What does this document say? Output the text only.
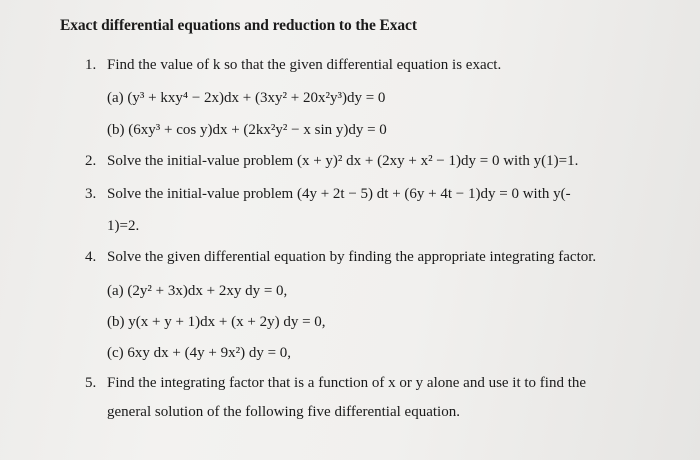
Exact differential equations and reduction to the Exact
1. Find the value of k so that the given differential equation is exact.
(a) (y³ + kxy⁴ − 2x)dx + (3xy² + 20x²y³)dy = 0
(b) (6xy³ + cos y)dx + (2kx²y² − x sin y)dy = 0
2. Solve the initial-value problem (x + y)² dx + (2xy + x² − 1)dy = 0 with y(1)=1.
3. Solve the initial-value problem (4y + 2t − 5) dt + (6y + 4t − 1)dy = 0 with y(-
1)=2.
4. Solve the given differential equation by finding the appropriate integrating factor.
(a) (2y² + 3x)dx + 2xy dy = 0,
(b) y(x + y + 1)dx + (x + 2y) dy = 0,
(c) 6xy dx + (4y + 9x²) dy = 0,
5. Find the integrating factor that is a function of x or y alone and use it to find the
general solution of the following five differential equation.
